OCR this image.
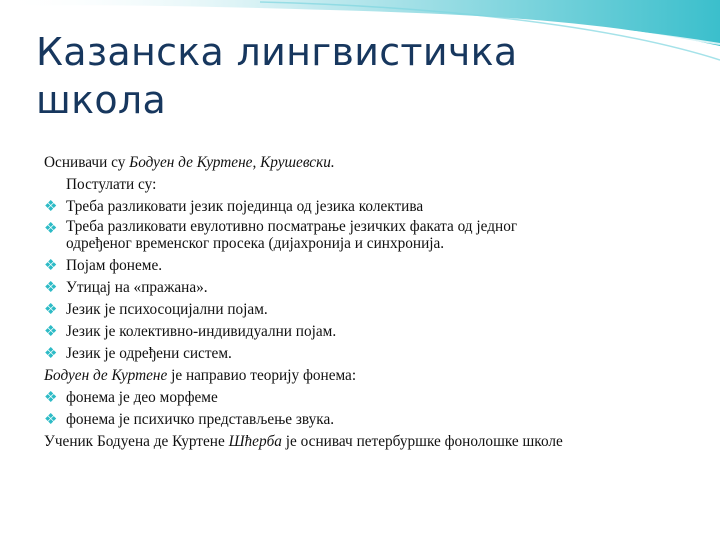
Казанска лингвистичка
школа
Оснивачи су Бодуен де Куртене, Крушевски.
Постулати су:
❖ Треба разликовати језик појединца од језика колектива
❖ Треба разликовати евулотивно посматрање језичких факата од једног
одређеног временског просека (дијахронија и синхронија.
❖ Појам фонеме.
❖ Утицај на «пражана».
❖ Језик је психосоцијални појам.
❖ Језик је колективно-индивидуални појам.
❖ Језик је одређени систем.
Бодуен де Куртене је направио теорију фонема:
❖ фонема је део морфеме
❖ фонема је психичко представљење звука.
Ученик Бодуена де Куртене Шћерба је оснивач петербуршке фонолошке школе
